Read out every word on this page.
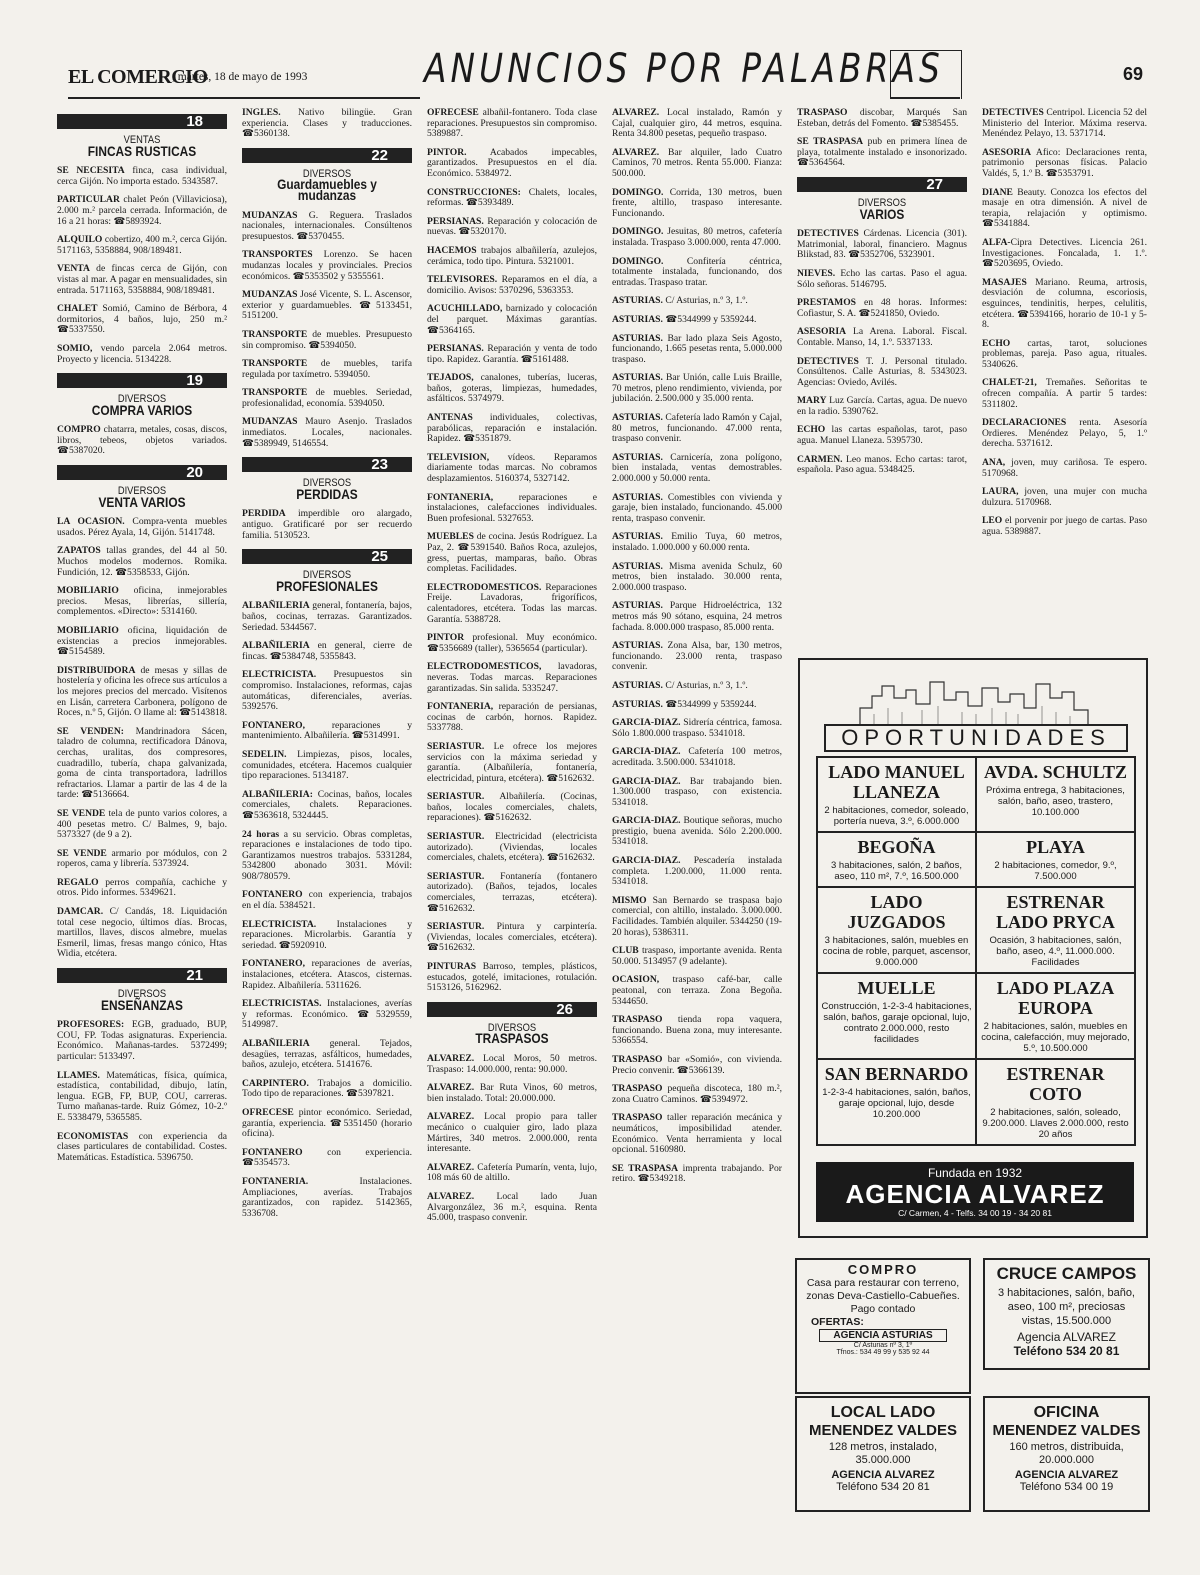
EL COMERCIO
, martes, 18 de mayo de 1993	ANUNCIOS POR PALABRAS	69
18
VENTAS
FINCAS RUSTICAS

SE NECESITA finca, casa individual, cerca Gijón. No importa estado. 5343587.

PARTICULAR chalet Peón (Villaviciosa), 2.000 m.² parcela cerrada. Información, de 16 a 21 horas: ☎5893924.

ALQUILO cobertizo, 400 m.², cerca Gijón. 5171163, 5358884, 908/189481.

VENTA de fincas cerca de Gijón, con vistas al mar. A pagar en mensualidades, sin entrada. 5171163, 5358884, 908/189481.

CHALET Somió, Camino de Bérbora, 4 dormitorios, 4 baños, lujo, 250 m.² ☎5337550.

SOMIO, vendo parcela 2.064 metros. Proyecto y licencia. 5134228.

19
DIVERSOS
COMPRA VARIOS

COMPRO chatarra, metales, cosas, discos, libros, tebeos, objetos variados. ☎5387020.

20
DIVERSOS
VENTA VARIOS

LA OCASION. Compra-venta muebles usados. Pérez Ayala, 14, Gijón. 5141748.

ZAPATOS tallas grandes, del 44 al 50. Muchos modelos modernos. Romika. Fundición, 12. ☎5358533, Gijón.

MOBILIARIO oficina, inmejorables precios. Mesas, librerías, sillería, complementos. «Directo»: 5314160.

MOBILIARIO oficina, liquidación de existencias a precios inmejorables. ☎5154589.

DISTRIBUIDORA de mesas y sillas de hostelería y oficina les ofrece sus artículos a los mejores precios del mercado. Visítenos en Lisán, carretera Carbonera, polígono de Roces, n.º 5, Gijón. O llame al: ☎5143818.

SE VENDEN: Mandrinadora Sácen, taladro de columna, rectificadora Dánova, cerchas, uralitas, dos compresores, cuadradillo, tubería, chapa galvanizada, goma de cinta transportadora, ladrillos refractarios. Llamar a partir de las 4 de la tarde: ☎5136664.

SE VENDE tela de punto varios colores, a 400 pesetas metro. C/ Balmes, 9, bajo. 5373327 (de 9 a 2).

SE VENDE armario por módulos, con 2 roperos, cama y librería. 5373924.

REGALO perros compañía, cachiche y otros. Pido informes. 5349621.

DAMCAR. C/ Candás, 18. Liquidación total cese negocio, últimos días. Brocas, martillos, llaves, discos almebre, muelas Esmeril, limas, fresas mango cónico, Htas Widia, etcétera.

21
DIVERSOS
ENSEÑANZAS

PROFESORES: EGB, graduado, BUP, COU, FP. Todas asignaturas. Experiencia. Económico. Mañanas-tardes. 5372499; particular: 5133497.

LLAMES. Matemáticas, física, química, estadística, contabilidad, dibujo, latín, lengua. EGB, FP, BUP, COU, carreras. Turno mañanas-tarde. Ruiz Gómez, 10-2.º E. 5338479, 5365585.

ECONOMISTAS con experiencia da clases particulares de contabilidad. Costes. Matemáticas. Estadística. 5396750.

INGLES. Nativo bilingüe. Gran experiencia. Clases y traducciones. ☎5360138.

22
DIVERSOS
Guardamuebles y mudanzas

MUDANZAS G. Reguera. Traslados nacionales, internacionales. Consúltenos presupuestos. ☎5370455.

TRANSPORTES Lorenzo. Se hacen mudanzas locales y provinciales. Precios económicos. ☎5353502 y 5355561.

MUDANZAS José Vicente, S. L. Ascensor, exterior y guardamuebles. ☎5133451, 5151200.

TRANSPORTE de muebles. Presupuesto sin compromiso. ☎5394050.

TRANSPORTE de muebles, tarifa regulada por taxímetro. 5394050.

TRANSPORTE de muebles. Seriedad, profesionalidad, economía. 5394050.

MUDANZAS Mauro Asenjo. Traslados inmediatos. Locales, nacionales. ☎5389949, 5146554.

23
DIVERSOS
PERDIDAS

PERDIDA imperdible oro alargado, antiguo. Gratificaré por ser recuerdo familia. 5130523.

25
DIVERSOS
PROFESIONALES

ALBAÑILERIA general, fontanería, bajos, baños, cocinas, terrazas. Garantizados. Seriedad. 5344567.

ALBAÑILERIA en general, cierre de fincas. ☎5384748, 5355843.

ELECTRICISTA. Presupuestos sin compromiso. Instalaciones, reformas, cajas automáticas, diferenciales, averías. 5392576.

FONTANERO, reparaciones y mantenimiento. Albañilería. ☎5314991.

SEDELIN. Limpiezas, pisos, locales, comunidades, etcétera. Hacemos cualquier tipo reparaciones. 5134187.

ALBAÑILERIA: Cocinas, baños, locales comerciales, chalets. Reparaciones. ☎5363618, 5324445.

24 horas a su servicio. Obras completas, reparaciones e instalaciones de todo tipo. Garantizamos nuestros trabajos. 5331284, 5342800 abonado 3031. Móvil: 908/780579.

FONTANERO con experiencia, trabajos en el día. 5384521.

ELECTRICISTA. Instalaciones y reparaciones. Microlarbis. Garantía y seriedad. ☎5920910.

FONTANERO, reparaciones de averías, instalaciones, etcétera. Atascos, cisternas. Rapidez. Albañilería. 5311626.

ELECTRICISTAS. Instalaciones, averías y reformas. Económico. ☎5329559, 5149987.

ALBAÑILERIA general. Tejados, desagües, terrazas, asfálticos, humedades, baños, azulejo, etcétera. 5141676.

CARPINTERO. Trabajos a domicilio. Todo tipo de reparaciones. ☎5397821.

OFRECESE pintor económico. Seriedad, garantía, experiencia. ☎5351450 (horario oficina).

FONTANERO con experiencia. ☎5354573.

FONTANERIA. Instalaciones. Ampliaciones, averías. Trabajos garantizados, con rapidez. 5142365, 5336708.

OFRECESE albañil-fontanero. Toda clase reparaciones. Presupuestos sin compromiso. 5389887.

PINTOR. Acabados impecables, garantizados. Presupuestos en el día. Económico. 5384972.

CONSTRUCCIONES: Chalets, locales, reformas. ☎5393489.

PERSIANAS. Reparación y colocación de nuevas. ☎5320170.

HACEMOS trabajos albañilería, azulejos, cerámica, todo tipo. Pintura. 5321001.

TELEVISORES. Reparamos en el día, a domicilio. Avisos: 5370296, 5363353.

ACUCHILLADO, barnizado y colocación del parquet. Máximas garantías. ☎5364165.

PERSIANAS. Reparación y venta de todo tipo. Rapidez. Garantía. ☎5161488.

TEJADOS, canalones, tuberías, luceras, baños, goteras, limpiezas, humedades, asfálticos. 5374979.

ANTENAS individuales, colectivas, parabólicas, reparación e instalación. Rapidez. ☎5351879.

TELEVISION, vídeos. Reparamos diariamente todas marcas. No cobramos desplazamientos. 5160374, 5327142.

FONTANERIA, reparaciones e instalaciones, calefacciones individuales. Buen profesional. 5327653.

MUEBLES de cocina. Jesús Rodríguez. La Paz, 2. ☎5391540. Baños Roca, azulejos, gress, puertas, mamparas, baño. Obras completas. Facilidades.

ELECTRODOMESTICOS. Reparaciones Freije. Lavadoras, frigoríficos, calentadores, etcétera. Todas las marcas. Garantía. 5388728.

PINTOR profesional. Muy económico. ☎5356689 (taller), 5365654 (particular).

ELECTRODOMESTICOS, lavadoras, neveras. Todas marcas. Reparaciones garantizadas. Sin salida. 5335247.

FONTANERIA, reparación de persianas, cocinas de carbón, hornos. Rapidez. 5337788.

SERIASTUR. Le ofrece los mejores servicios con la máxima seriedad y garantía. (Albañilería, fontanería, electricidad, pintura, etcétera). ☎5162632.

SERIASTUR. Albañilería. (Cocinas, baños, locales comerciales, chalets, reparaciones). ☎5162632.

SERIASTUR. Electricidad (electricista autorizado). (Viviendas, locales comerciales, chalets, etcétera). ☎5162632.

SERIASTUR. Fontanería (fontanero autorizado). (Baños, tejados, locales comerciales, terrazas, etcétera). ☎5162632.

SERIASTUR. Pintura y carpintería. (Viviendas, locales comerciales, etcétera). ☎5162632.

PINTURAS Barroso, temples, plásticos, estucados, gotelé, imitaciones, rotulación. 5153126, 5162962.

26
DIVERSOS
TRASPASOS

ALVAREZ. Local Moros, 50 metros. Traspaso: 14.000.000, renta: 90.000.

ALVAREZ. Bar Ruta Vinos, 60 metros, bien instalado. Total: 20.000.000.

ALVAREZ. Local propio para taller mecánico o cualquier giro, lado plaza Mártires, 340 metros. 2.000.000, renta interesante.

ALVAREZ. Cafetería Pumarín, venta, lujo, 108 más 60 de altillo.

ALVAREZ. Local lado Juan Alvargonzález, 36 m.², esquina. Renta 45.000, traspaso convenir.

ALVAREZ. Local instalado, Ramón y Cajal, cualquier giro, 44 metros, esquina. Renta 34.800 pesetas, pequeño traspaso.

ALVAREZ. Bar alquiler, lado Cuatro Caminos, 70 metros. Renta 55.000. Fianza: 500.000.

DOMINGO. Corrida, 130 metros, buen frente, altillo, traspaso interesante. Funcionando.

DOMINGO. Jesuitas, 80 metros, cafetería instalada. Traspaso 3.000.000, renta 47.000.

DOMINGO. Confitería céntrica, totalmente instalada, funcionando, dos entradas. Traspaso tratar.

ASTURIAS. C/ Asturias, n.º 3, 1.º.

ASTURIAS. ☎5344999 y 5359244.

ASTURIAS. Bar lado plaza Seis Agosto, funcionando, 1.665 pesetas renta, 5.000.000 traspaso.

ASTURIAS. Bar Unión, calle Luis Braille, 70 metros, pleno rendimiento, vivienda, por jubilación. 2.500.000 y 35.000 renta.

ASTURIAS. Cafetería lado Ramón y Cajal, 80 metros, funcionando. 47.000 renta, traspaso convenir.

ASTURIAS. Carnicería, zona polígono, bien instalada, ventas demostrables. 2.000.000 y 50.000 renta.

ASTURIAS. Comestibles con vivienda y garaje, bien instalado, funcionando. 45.000 renta, traspaso convenir.

ASTURIAS. Emilio Tuya, 60 metros, instalado. 1.000.000 y 60.000 renta.

ASTURIAS. Misma avenida Schulz, 60 metros, bien instalado. 30.000 renta, 2.000.000 traspaso.

ASTURIAS. Parque Hidroeléctrica, 132 metros más 90 sótano, esquina, 24 metros fachada. 8.000.000 traspaso, 85.000 renta.

ASTURIAS. Zona Alsa, bar, 130 metros, funcionando. 23.000 renta, traspaso convenir.

ASTURIAS. C/ Asturias, n.º 3, 1.º.

ASTURIAS. ☎5344999 y 5359244.

GARCIA-DIAZ. Sidrería céntrica, famosa. Sólo 1.800.000 traspaso. 5341018.

GARCIA-DIAZ. Cafetería 100 metros, acreditada. 3.500.000. 5341018.

GARCIA-DIAZ. Bar trabajando bien. 1.300.000 traspaso, con existencia. 5341018.

GARCIA-DIAZ. Boutique señoras, mucho prestigio, buena avenida. Sólo 2.200.000. 5341018.

GARCIA-DIAZ. Pescadería instalada completa. 1.200.000, 11.000 renta. 5341018.

MISMO San Bernardo se traspasa bajo comercial, con altillo, instalado. 3.000.000. Facilidades. También alquiler. 5344250 (19-20 horas), 5386311.

CLUB traspaso, importante avenida. Renta 50.000. 5134957 (9 adelante).

OCASION, traspaso café-bar, calle peatonal, con terraza. Zona Begoña. 5344650.

TRASPASO tienda ropa vaquera, funcionando. Buena zona, muy interesante. 5366554.

TRASPASO bar «Somió», con vivienda. Precio convenir. ☎5366139.

TRASPASO pequeña discoteca, 180 m.², zona Cuatro Caminos. ☎5394972.

TRASPASO taller reparación mecánica y neumáticos, imposibilidad atender. Económico. Venta herramienta y local opcional. 5160980.

SE TRASPASA imprenta trabajando. Por retiro. ☎5349218.

TRASPASO discobar, Marqués San Esteban, detrás del Fomento. ☎5385455.

SE TRASPASA pub en primera línea de playa, totalmente instalado e insonorizado. ☎5364564.

27
DIVERSOS
VARIOS

DETECTIVES Cárdenas. Licencia (301). Matrimonial, laboral, financiero. Magnus Blikstad, 83. ☎5352706, 5323901.

NIEVES. Echo las cartas. Paso el agua. Sólo señoras. 5146795.

PRESTAMOS en 48 horas. Informes: Cofiastur, S. A. ☎5241850, Oviedo.

ASESORIA La Arena. Laboral. Fiscal. Contable. Manso, 14, 1.º. 5337133.

DETECTIVES T. J. Personal titulado. Consúltenos. Calle Asturias, 8. 5343023. Agencias: Oviedo, Avilés.

MARY Luz García. Cartas, agua. De nuevo en la radio. 5390762.

ECHO las cartas españolas, tarot, paso agua. Manuel Llaneza. 5395730.

CARMEN. Leo manos. Echo cartas: tarot, española. Paso agua. 5348425.

DETECTIVES Centripol. Licencia 52 del Ministerio del Interior. Máxima reserva. Menéndez Pelayo, 13. 5371714.

ASESORIA Afico: Declaraciones renta, patrimonio personas físicas. Palacio Valdés, 5, 1.º B. ☎5353791.

DIANE Beauty. Conozca los efectos del masaje en otra dimensión. A nivel de terapia, relajación y optimismo. ☎5341884.

ALFA-Cipra Detectives. Licencia 261. Investigaciones. Foncalada, 1. 1.º. ☎5203695, Oviedo.

MASAJES Mariano. Reuma, artrosis, desviación de columna, escoriosis, esguinces, tendinitis, herpes, celulitis, etcétera. ☎5394166, horario de 10-1 y 5-8.

ECHO cartas, tarot, soluciones problemas, pareja. Paso agua, rituales. 5340626.

CHALET-21, Tremañes. Señoritas te ofrecen compañía. A partir 5 tardes: 5311802.

DECLARACIONES renta. Asesoría Ordieres. Menéndez Pelayo, 5, 1.º derecha. 5371612.

ANA, joven, muy cariñosa. Te espero. 5170968.

LAURA, joven, una mujer con mucha dulzura. 5170968.

LEO el porvenir por juego de cartas. Paso agua. 5389887.

OPORTUNIDADES
LADO MANUEL LLANEZA
2 habitaciones, comedor, soleado, portería nueva, 3.º, 6.000.000
AVDA. SCHULTZ
Próxima entrega, 3 habitaciones, salón, baño, aseo, trastero, 10.100.000
BEGOÑA
3 habitaciones, salón, 2 baños, aseo, 110 m², 7.º, 16.500.000
PLAYA
2 habitaciones, comedor, 9.º, 7.500.000
LADO JUZGADOS
3 habitaciones, salón, muebles en cocina de roble, parquet, ascensor, 9.000.000
ESTRENAR LADO PRYCA
Ocasión, 3 habitaciones, salón, baño, aseo, 4.º, 11.000.000. Facilidades
MUELLE
Construcción, 1-2-3-4 habitaciones, salón, baños, garaje opcional, lujo, contrato 2.000.000, resto facilidades
LADO PLAZA EUROPA
2 habitaciones, salón, muebles en cocina, calefacción, muy mejorado, 5.º, 10.500.000
SAN BERNARDO
1-2-3-4 habitaciones, salón, baños, garaje opcional, lujo, desde 10.200.000
ESTRENAR COTO
2 habitaciones, salón, soleado, 9.200.000. Llaves 2.000.000, resto 20 años
Fundada en 1932
AGENCIA ALVAREZ
C/ Carmen, 4 - Telfs. 34 00 19 - 34 20 81
COMPRO
Casa para restaurar con terreno, zonas Deva-Castiello-Cabueñes. Pago contado
OFERTAS:
AGENCIA ASTURIAS
C/ Asturias nº 3, 1º
Tfnos.: 534 49 99 y 535 92 44
CRUCE CAMPOS
3 habitaciones, salón, baño, aseo, 100 m², preciosas vistas, 15.500.000
Agencia ALVAREZ
Teléfono 534 20 81
LOCAL LADO
MENENDEZ VALDES
128 metros, instalado, 35.000.000
AGENCIA ALVAREZ
Teléfono 534 20 81
OFICINA
MENENDEZ VALDES
160 metros, distribuida, 20.000.000
AGENCIA ALVAREZ
Teléfono 534 00 19
